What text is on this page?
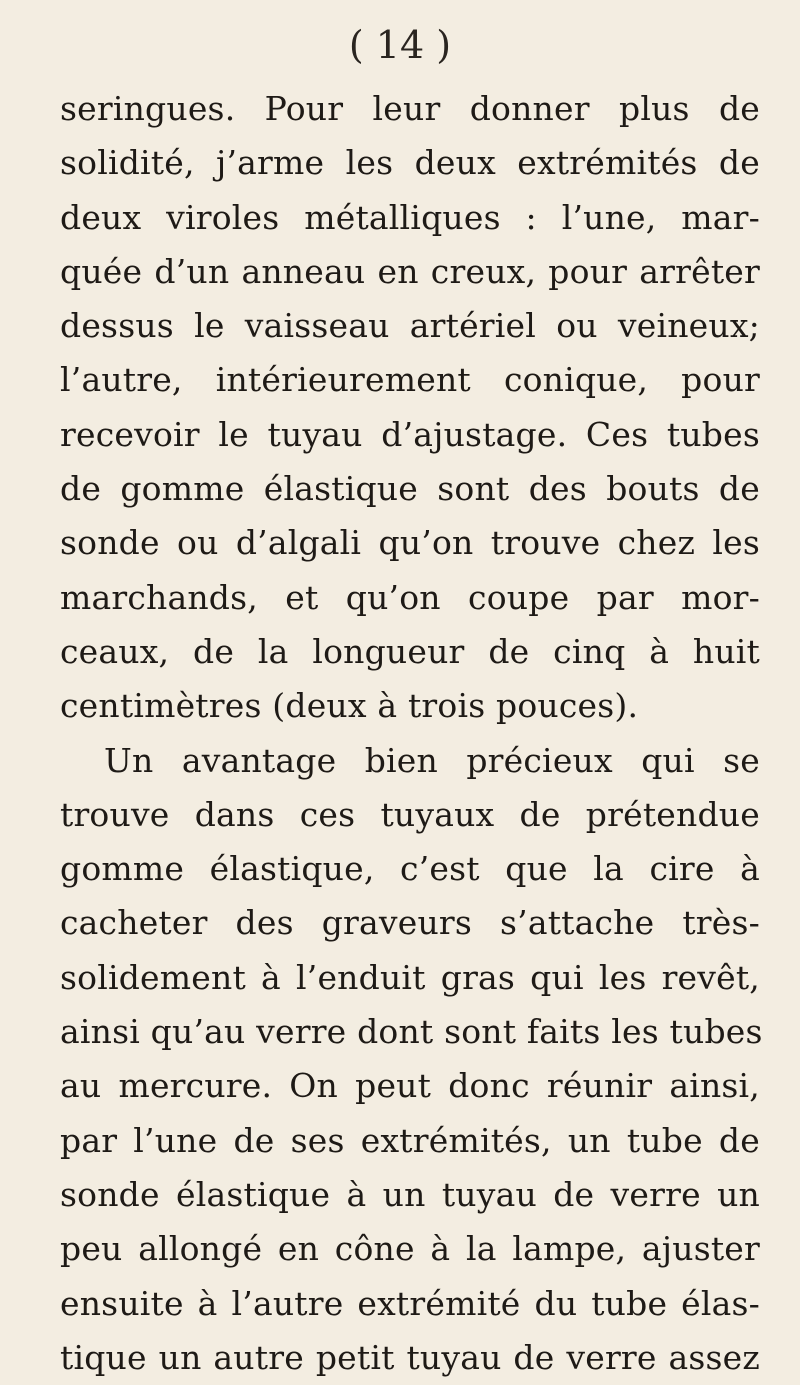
( 14 )
seringues. Pour leur donner plus de
solidité, j’arme les deux extrémités de
deux viroles métalliques : l’une, mar-
quée d’un anneau en creux, pour arrêter
dessus le vaisseau artériel ou veineux;
l’autre, intérieurement conique, pour
recevoir le tuyau d’ajustage. Ces tubes
de gomme élastique sont des bouts de
sonde ou d’algali qu’on trouve chez les
marchands, et qu’on coupe par mor-
ceaux, de la longueur de cinq à huit
centimètres (deux à trois pouces).
Un avantage bien précieux qui se
trouve dans ces tuyaux de prétendue
gomme élastique, c’est que la cire à
cacheter des graveurs s’attache très-
solidement à l’enduit gras qui les revêt,
ainsi qu’au verre dont sont faits les tubes
au mercure. On peut donc réunir ainsi,
par l’une de ses extrémités, un tube de
sonde élastique à un tuyau de verre un
peu allongé en cône à la lampe, ajuster
ensuite à l’autre extrémité du tube élas-
tique un autre petit tuyau de verre assez
